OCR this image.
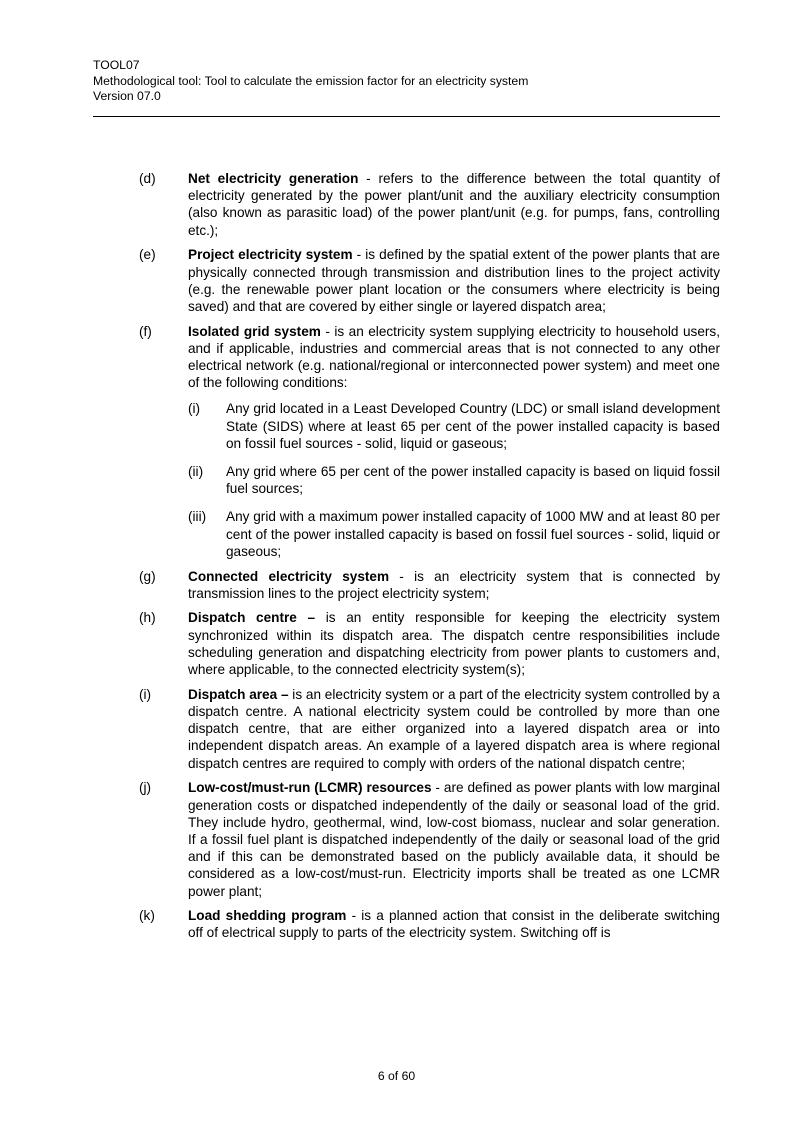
TOOL07
Methodological tool: Tool to calculate the emission factor for an electricity system
Version 07.0
(d) Net electricity generation - refers to the difference between the total quantity of electricity generated by the power plant/unit and the auxiliary electricity consumption (also known as parasitic load) of the power plant/unit (e.g. for pumps, fans, controlling etc.);
(e) Project electricity system - is defined by the spatial extent of the power plants that are physically connected through transmission and distribution lines to the project activity (e.g. the renewable power plant location or the consumers where electricity is being saved) and that are covered by either single or layered dispatch area;
(f)	Isolated grid system - is an electricity system supplying electricity to household users, and if applicable, industries and commercial areas that is not connected to any other electrical network (e.g. national/regional or interconnected power system) and meet one of the following conditions:
(i) Any grid located in a Least Developed Country (LDC) or small island development State (SIDS) where at least 65 per cent of the power installed capacity is based on fossil fuel sources - solid, liquid or gaseous;
(ii) Any grid where 65 per cent of the power installed capacity is based on liquid fossil fuel sources;
(iii) Any grid with a maximum power installed capacity of 1000 MW and at least 80 per cent of the power installed capacity is based on fossil fuel sources - solid, liquid or gaseous;
(g) Connected electricity system - is an electricity system that is connected by transmission lines to the project electricity system;
(h) Dispatch centre – is an entity responsible for keeping the electricity system synchronized within its dispatch area. The dispatch centre responsibilities include scheduling generation and dispatching electricity from power plants to customers and, where applicable, to the connected electricity system(s);
(i)	Dispatch area – is an electricity system or a part of the electricity system controlled by a dispatch centre. A national electricity system could be controlled by more than one dispatch centre, that are either organized into a layered dispatch area or into independent dispatch areas. An example of a layered dispatch area is where regional dispatch centres are required to comply with orders of the national dispatch centre;
(j)	Low-cost/must-run (LCMR) resources - are defined as power plants with low marginal generation costs or dispatched independently of the daily or seasonal load of the grid. They include hydro, geothermal, wind, low-cost biomass, nuclear and solar generation. If a fossil fuel plant is dispatched independently of the daily or seasonal load of the grid and if this can be demonstrated based on the publicly available data, it should be considered as a low-cost/must-run. Electricity imports shall be treated as one LCMR power plant;
(k) Load shedding program - is a planned action that consist in the deliberate switching off of electrical supply to parts of the electricity system. Switching off is
6 of 60
